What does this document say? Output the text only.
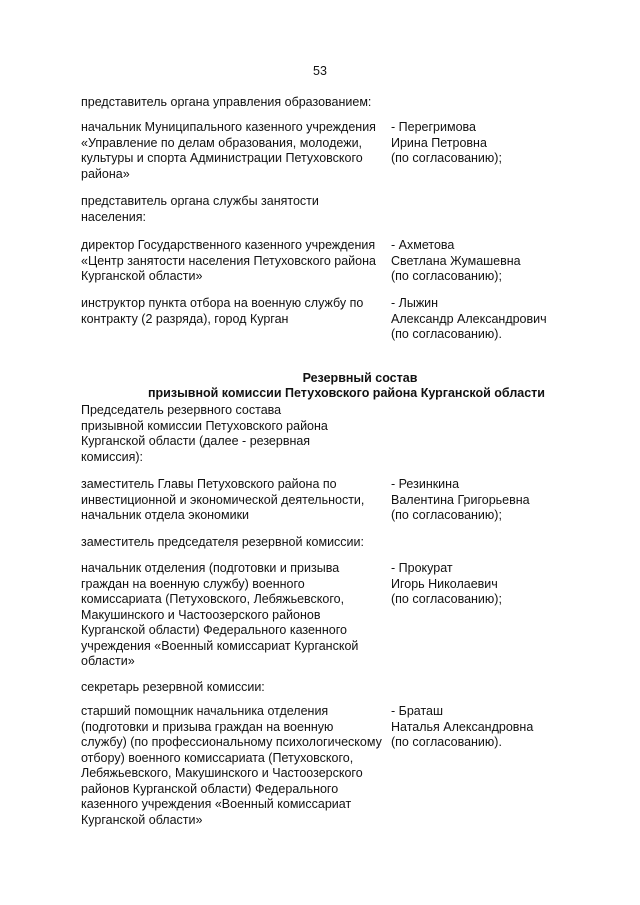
53
представитель органа управления образованием:
начальник Муниципального казенного учреждения
«Управление по делам образования, молодежи,
культуры и спорта Администрации Петуховского
района»
- Перегримова
Ирина Петровна
(по согласованию);
представитель органа службы занятости
населения:
директор Государственного казенного учреждения
«Центр занятости населения Петуховского района
Курганской области»
- Ахметова
Светлана Жумашевна
(по согласованию);
инструктор пункта отбора на военную службу по
контракту (2 разряда), город Курган
- Лыжин
Александр Александрович
(по согласованию).
Резервный состав
призывной комиссии Петуховского района Курганской области
Председатель резервного состава
призывной комиссии Петуховского района
Курганской области (далее - резервная
комиссия):
заместитель Главы Петуховского района по
инвестиционной и экономической деятельности,
начальник отдела экономики
- Резинкина
Валентина Григорьевна
(по согласованию);
заместитель председателя резервной комиссии:
начальник отделения (подготовки и призыва
граждан на военную службу) военного
комиссариата (Петуховского, Лебяжьевского,
Макушинского и Частоозерского районов
Курганской области) Федерального казенного
учреждения «Военный комиссариат Курганской
области»
- Прокурат
Игорь Николаевич
(по согласованию);
секретарь резервной комиссии:
старший помощник начальника отделения
(подготовки и призыва граждан на военную
службу) (по профессиональному психологическому
отбору) военного комиссариата (Петуховского,
Лебяжьевского, Макушинского и Частоозерского
районов Курганской области) Федерального
казенного учреждения «Военный комиссариат
Курганской области»
- Браташ
Наталья Александровна
(по согласованию).
